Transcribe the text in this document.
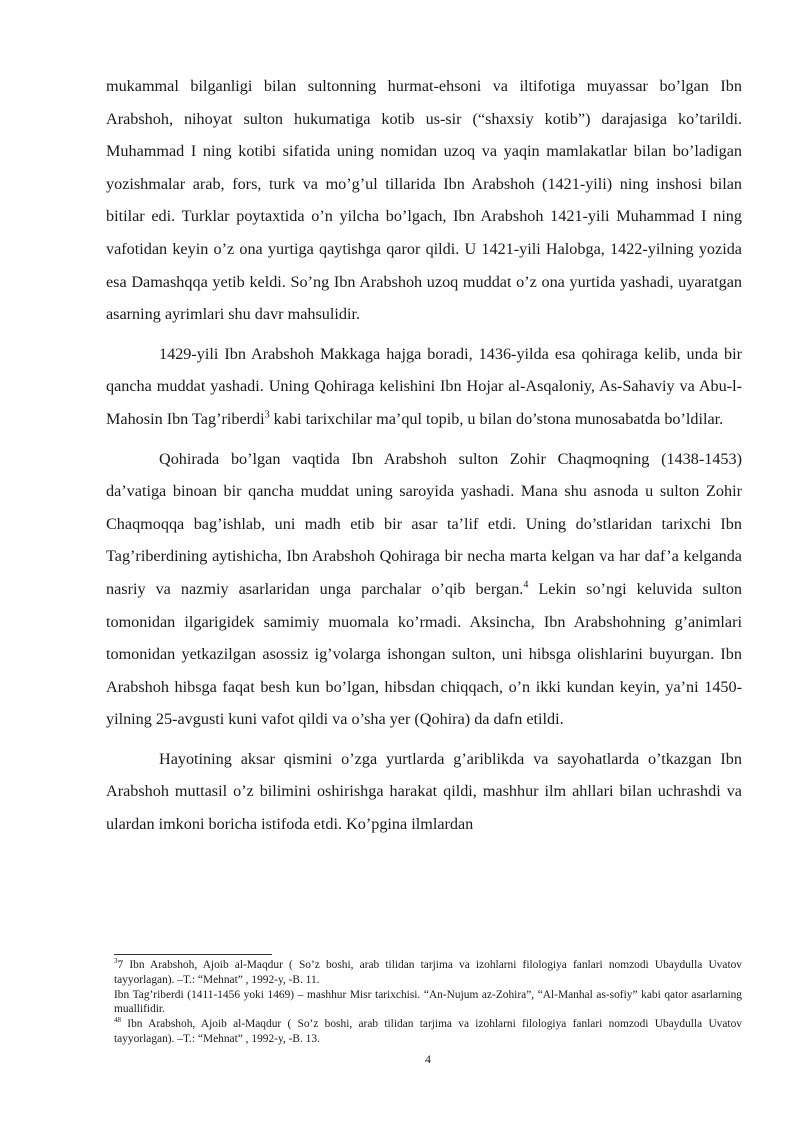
mukammal bilganligi bilan sultonning hurmat-ehsoni va iltifotiga muyassar bo’lgan Ibn Arabshoh, nihoyat sulton hukumatiga kotib us-sir (“shaxsiy kotib”) darajasiga ko’tarildi. Muhammad I ning kotibi sifatida uning nomidan uzoq va yaqin mamlakatlar bilan bo’ladigan yozishmalar arab, fors, turk va mo’g’ul tillarida Ibn Arabshoh (1421-yili) ning inshosi bilan bitilar edi. Turklar poytaxtida o’n yilcha bo’lgach, Ibn Arabshoh 1421-yili Muhammad I ning vafotidan keyin o’z ona yurtiga qaytishga qaror qildi. U 1421-yili Halobga, 1422-yilning yozida esa Damashqqa yetib keldi. So’ng Ibn Arabshoh uzoq muddat o’z ona yurtida yashadi, uyaratgan asarning ayrimlari shu davr mahsulidir.

1429-yili Ibn Arabshoh Makkaga hajga boradi, 1436-yilda esa qohiraga kelib, unda bir qancha muddat yashadi. Uning Qohiraga kelishini Ibn Hojar al-Asqaloniy, As-Sahaviy va Abu-l-Mahosin Ibn Tag’riberdi$^3$ kabi tarixchilar ma’qul topib, u bilan do’stona munosabatda bo’ldilar.

Qohirada bo’lgan vaqtida Ibn Arabshoh sulton Zohir Chaqmoqning (1438-1453) da’vatiga binoan bir qancha muddat uning saroyida yashadi. Mana shu asnoda u sulton Zohir Chaqmoqqa bag’ishlab, uni madh etib bir asar ta’lif etdi. Uning do’stlaridan tarixchi Ibn Tag’riberdining aytishicha, Ibn Arabshoh Qohiraga bir necha marta kelgan va har daf’a kelganda nasriy va nazmiy asarlaridan unga parchalar o’qib bergan.$^4$ Lekin so’ngi keluvida sulton tomonidan ilgarigidek samimiy muomala ko’rmadi. Aksincha, Ibn Arabshohning g’animlari tomonidan yetkazilgan asossiz ig’volarga ishongan sulton, uni hibsga olishlarini buyurgan. Ibn Arabshoh hibsga faqat besh kun bo’lgan, hibsdan chiqqach, o’n ikki kundan keyin, ya’ni 1450-yilning 25-avgusti kuni vafot qildi va o’sha yer (Qohira) da dafn etildi.

Hayotining aksar qismini o’zga yurtlarda g’ariblikda va sayohatlarda o’tkazgan Ibn Arabshoh muttasil o’z bilimini oshirishga harakat qildi, mashhur ilm ahllari bilan uchrashdi va ulardan imkoni boricha istifoda etdi. Ko’pgina ilmlardan

$^3$7 Ibn Arabshoh, Ajoib al-Maqdur ( So’z boshi, arab tilidan tarjima va izohlarni filologiya fanlari nomzodi Ubaydulla Uvatov tayyorlagan). –T.: “Mehnat” , 1992-y, -B. 11.

Ibn Tag’riberdi (1411-1456 yoki 1469) – mashhur Misr tarixchisi. “An-Nujum az-Zohira”, “Al-Manhal as-sofiy” kabi qator asarlarning muallifidir.

$^{48}$ Ibn Arabshoh, Ajoib al-Maqdur ( So’z boshi, arab tilidan tarjima va izohlarni filologiya fanlari nomzodi Ubaydulla Uvatov tayyorlagan). –T.: “Mehnat” , 1992-y, -B. 13.

4
